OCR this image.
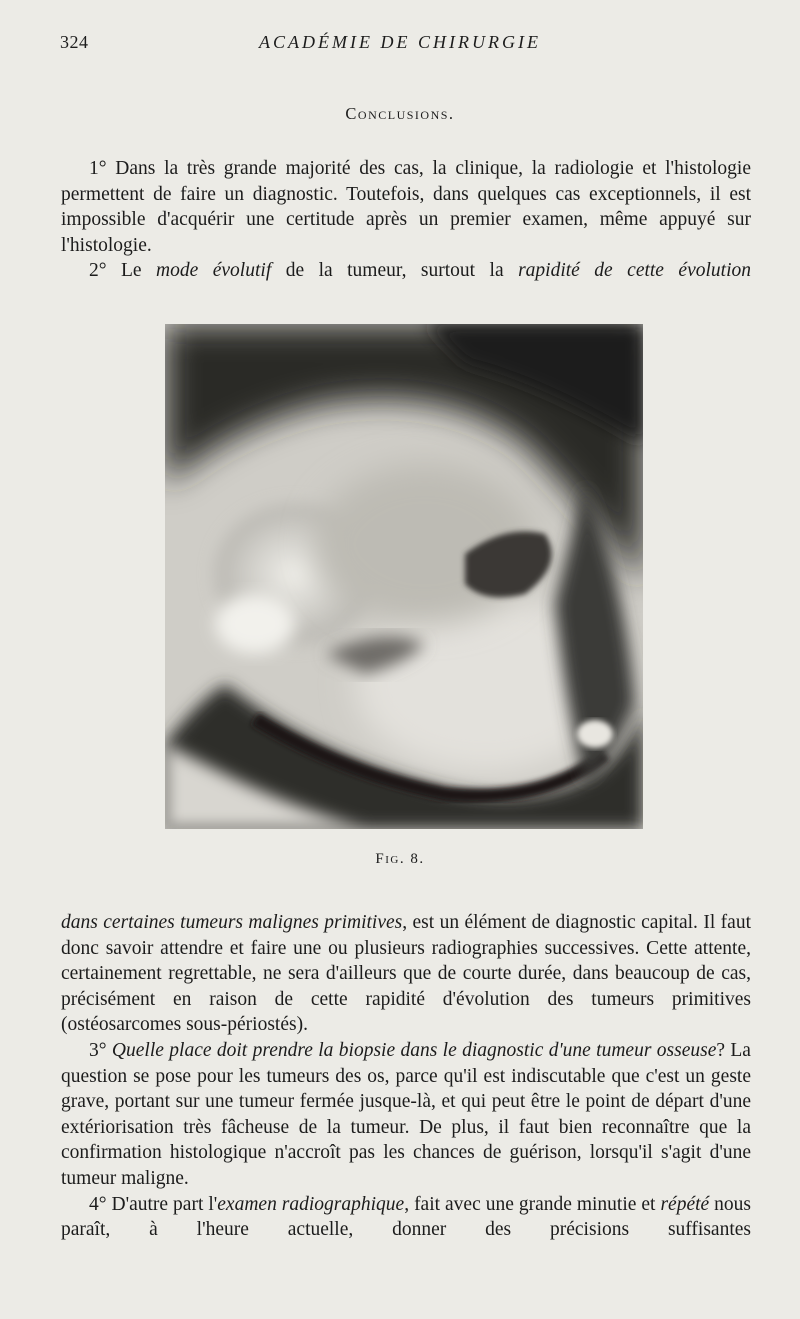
324	ACADÉMIE DE CHIRURGIE
Conclusions.

1° Dans la très grande majorité des cas, la clinique, la radiologie et l'histologie permettent de faire un diagnostic. Toutefois, dans quelques cas exceptionnels, il est impossible d'acquérir une certitude après un premier examen, même appuyé sur l'histologie.

2° Le mode évolutif de la tumeur, surtout la rapidité de cette évolution

Fig. 8.

dans certaines tumeurs malignes primitives, est un élément de diagnostic capital. Il faut donc savoir attendre et faire une ou plusieurs radiographies successives. Cette attente, certainement regrettable, ne sera d'ailleurs que de courte durée, dans beaucoup de cas, précisément en raison de cette rapidité d'évolution des tumeurs primitives (ostéosarcomes sous-périostés).

3° Quelle place doit prendre la biopsie dans le diagnostic d'une tumeur osseuse? La question se pose pour les tumeurs des os, parce qu'il est indiscutable que c'est un geste grave, portant sur une tumeur fermée jusque-là, et qui peut être le point de départ d'une extériorisation très fâcheuse de la tumeur. De plus, il faut bien reconnaître que la confirmation histologique n'accroît pas les chances de guérison, lorsqu'il s'agit d'une tumeur maligne.

4° D'autre part l'examen radiographique, fait avec une grande minutie et répété nous paraît, à l'heure actuelle, donner des précisions suffisantes
